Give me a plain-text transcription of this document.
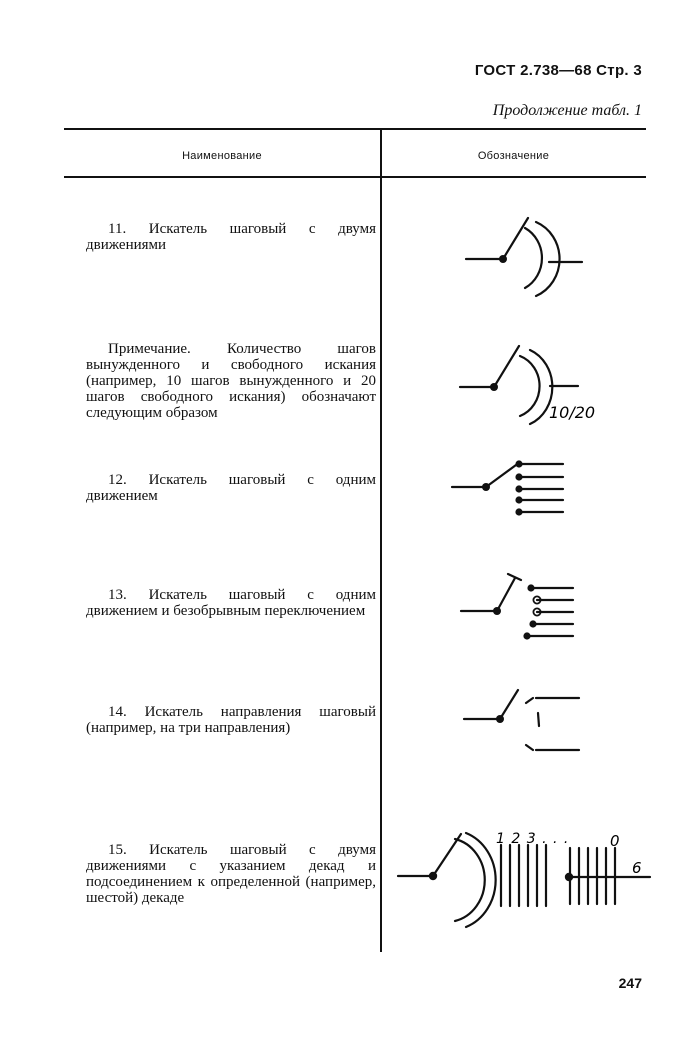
ГОСТ 2.738—68 Стр. 3
Продолжение табл. 1
Наименование	Обозначение
11. Искатель шаговый с двумя движениями
Примечание. Количество шагов вынужденного и свободного искания (например, 10 шагов вынужденного и 20 шагов свободного искания) обозначают следующим образом
12. Искатель шаговый с одним движением
13. Искатель шаговый с одним движением и безобрывным переключением
14. Искатель направления шаговый (например, на три направления)
15. Искатель шаговый с двумя движениями с указанием декад и подсоединением к определенной (например, шестой) декаде
10/20
1 2 3 . . .	0
6
247
